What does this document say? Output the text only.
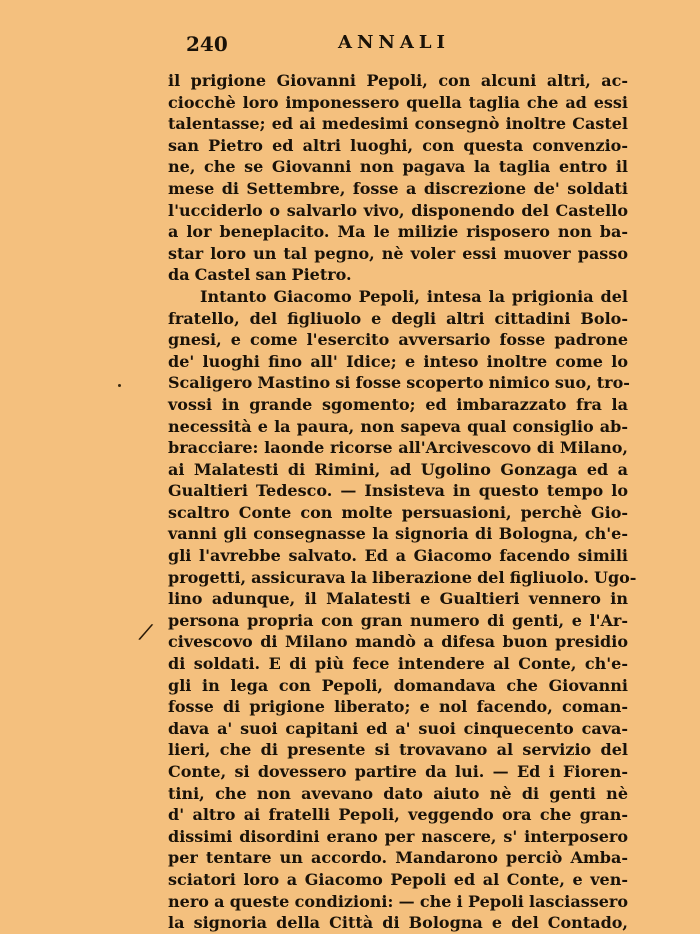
240	ANNALI
il prigione Giovanni Pepoli, con alcuni altri, ac-
ciocchè loro imponessero quella taglia che ad essi
talentasse; ed ai medesimi consegnò inoltre Castel
san Pietro ed altri luoghi, con questa convenzio-
ne, che se Giovanni non pagava la taglia entro il
mese di Settembre, fosse a discrezione de' soldati
l'ucciderlo o salvarlo vivo, disponendo del Castello
a lor beneplacito. Ma le milizie risposero non ba-
star loro un tal pegno, nè voler essi muover passo
da Castel san Pietro.
Intanto Giacomo Pepoli, intesa la prigionia del
fratello, del figliuolo e degli altri cittadini Bolo-
gnesi, e come l'esercito avversario fosse padrone
de' luoghi fino all' Idice; e inteso inoltre come lo
Scaligero Mastino si fosse scoperto nimico suo, tro-
vossi in grande sgomento; ed imbarazzato fra la
necessità e la paura, non sapeva qual consiglio ab-
bracciare: laonde ricorse all'Arcivescovo di Milano,
ai Malatesti di Rimini, ad Ugolino Gonzaga ed a
Gualtieri Tedesco. — Insisteva in questo tempo lo
scaltro Conte con molte persuasioni, perchè Gio-
vanni gli consegnasse la signoria di Bologna, ch'e-
gli l'avrebbe salvato. Ed a Giacomo facendo simili
progetti, assicurava la liberazione del figliuolo. Ugo-
lino adunque, il Malatesti e Gualtieri vennero in
persona propria con gran numero di genti, e l'Ar-
civescovo di Milano mandò a difesa buon presidio
di soldati. E di più fece intendere al Conte, ch'e-
gli in lega con Pepoli, domandava che Giovanni
fosse di prigione liberato; e nol facendo, coman-
dava a' suoi capitani ed a' suoi cinquecento cava-
lieri, che di presente si trovavano al servizio del
Conte, si dovessero partire da lui. — Ed i Fioren-
tini, che non avevano dato aiuto nè di genti nè
d' altro ai fratelli Pepoli, veggendo ora che gran-
dissimi disordini erano per nascere, s' interposero
per tentare un accordo. Mandarono perciò Amba-
sciatori loro a Giacomo Pepoli ed al Conte, e ven-
nero a queste condizioni: — che i Pepoli lasciassero
la signoria della Città di Bologna e del Contado,
/
